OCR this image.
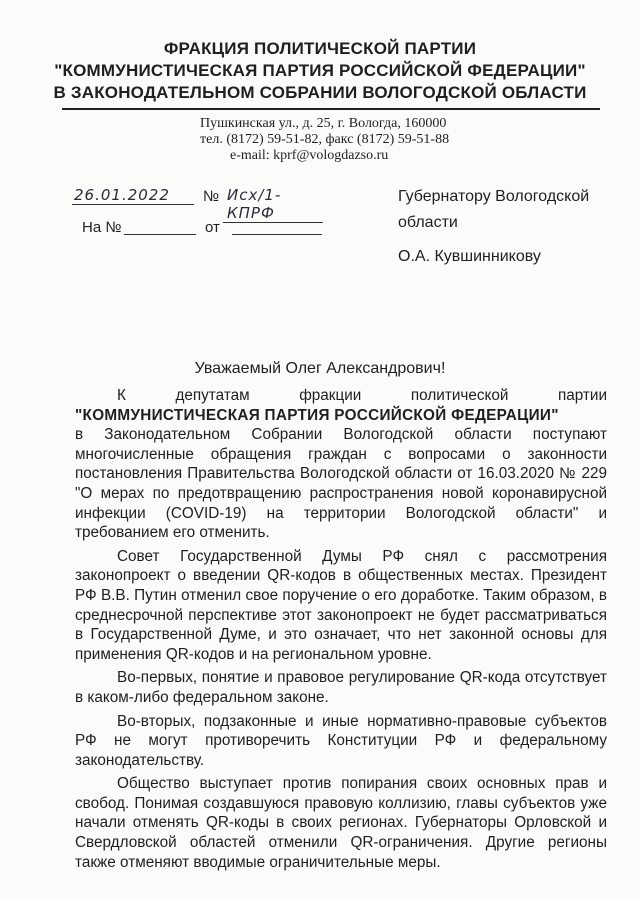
ФРАКЦИЯ ПОЛИТИЧЕСКОЙ ПАРТИИ
"КОММУНИСТИЧЕСКАЯ ПАРТИЯ РОССИЙСКОЙ ФЕДЕРАЦИИ"
В ЗАКОНОДАТЕЛЬНОМ СОБРАНИИ ВОЛОГОДСКОЙ ОБЛАСТИ
Пушкинская ул., д. 25, г. Вологда, 160000
тел. (8172) 59-51-82, факс (8172) 59-51-88
e-mail: kprf@vologdazso.ru
26.01.2022	№ Исх/1-КПРФ
На №	от
Губернатору Вологодской
области
О.А. Кувшинникову
Уважаемый Олег Александрович!

К депутатам фракции политической партии
"КОММУНИСТИЧЕСКАЯ ПАРТИЯ РОССИЙСКОЙ ФЕДЕРАЦИИ"
в Законодательном Собрании Вологодской области поступают многочисленные обращения граждан с вопросами о законности постановления Правительства Вологодской области от 16.03.2020 № 229 "О мерах по предотвращению распространения новой коронавирусной инфекции (COVID-19) на территории Вологодской области" и требованием его отменить.

Совет Государственной Думы РФ снял с рассмотрения законопроект о введении QR-кодов в общественных местах. Президент РФ В.В. Путин отменил свое поручение о его доработке. Таким образом, в среднесрочной перспективе этот законопроект не будет рассматриваться в Государственной Думе, и это означает, что нет законной основы для применения QR-кодов и на региональном уровне.

Во-первых, понятие и правовое регулирование QR-кода отсутствует в каком-либо федеральном законе.

Во-вторых, подзаконные и иные нормативно-правовые субъектов РФ не могут противоречить Конституции РФ и федеральному законодательству.

Общество выступает против попирания своих основных прав и свобод. Понимая создавшуюся правовую коллизию, главы субъектов уже начали отменять QR-коды в своих регионах. Губернаторы Орловской и Свердловской областей отменили QR-ограничения. Другие регионы также отменяют вводимые ограничительные меры.
